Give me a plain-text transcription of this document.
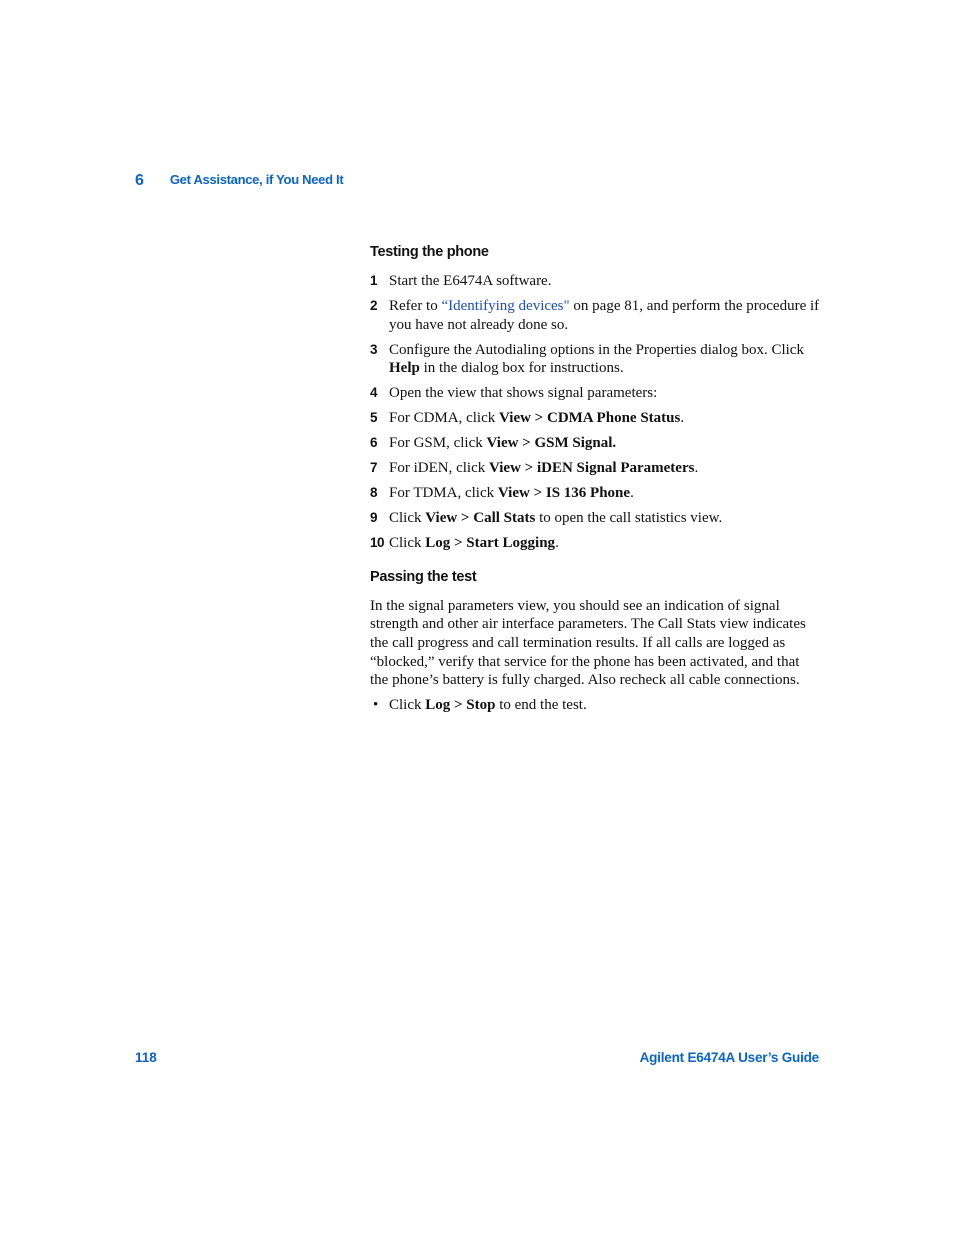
6 Get Assistance, if You Need It
Testing the phone
1 Start the E6474A software.
2 Refer to “Identifying devices" on page 81, and perform the procedure if you have not already done so.
3 Configure the Autodialing options in the Properties dialog box. Click Help in the dialog box for instructions.
4 Open the view that shows signal parameters:
5 For CDMA, click View > CDMA Phone Status.
6 For GSM, click View > GSM Signal.
7 For iDEN, click View > iDEN Signal Parameters.
8 For TDMA, click View > IS 136 Phone.
9 Click View > Call Stats to open the call statistics view.
10 Click Log > Start Logging.
Passing the test

In the signal parameters view, you should see an indication of signal strength and other air interface parameters. The Call Stats view indicates the call progress and call termination results. If all calls are logged as “blocked,” verify that service for the phone has been activated, and that the phone’s battery is fully charged. Also recheck all cable connections.

• Click Log > Stop to end the test.
118	Agilent E6474A User’s Guide
